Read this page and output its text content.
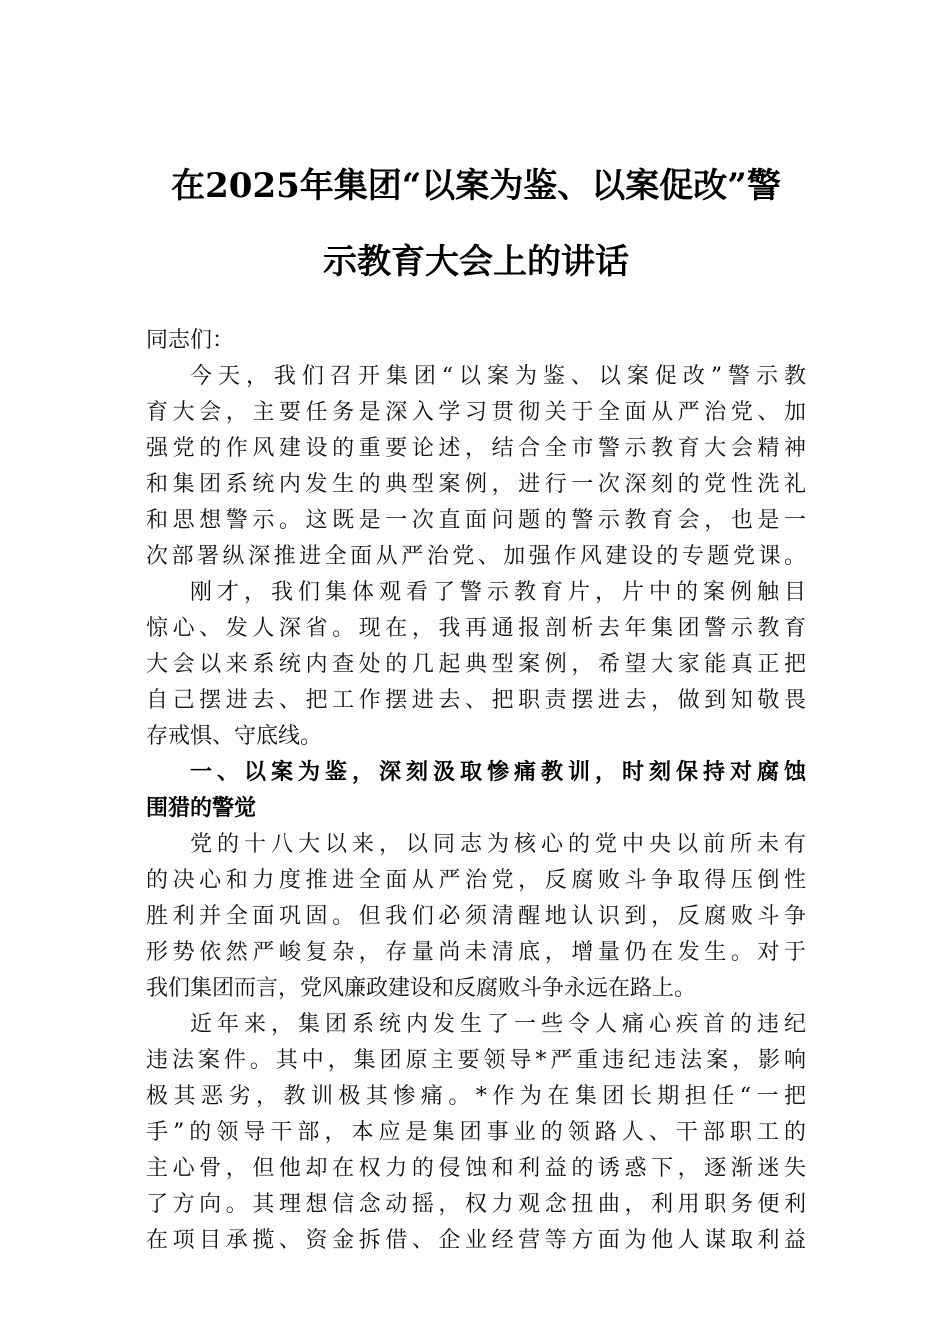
在2025年集团“以案为鉴、以案促改”警
示教育大会上的讲话
同志们：
今天，我们召开集团“以案为鉴、以案促改”警示教
育大会，主要任务是深入学习贯彻关于全面从严治党、加
强党的作风建设的重要论述，结合全市警示教育大会精神
和集团系统内发生的典型案例，进行一次深刻的党性洗礼
和思想警示。这既是一次直面问题的警示教育会，也是一
次部署纵深推进全面从严治党、加强作风建设的专题党课。
刚才，我们集体观看了警示教育片，片中的案例触目
惊心、发人深省。现在，我再通报剖析去年集团警示教育
大会以来系统内查处的几起典型案例，希望大家能真正把
自己摆进去、把工作摆进去、把职责摆进去，做到知敬畏
存戒惧、守底线。
一、以案为鉴，深刻汲取惨痛教训，时刻保持对腐蚀
围猎的警觉
党的十八大以来，以同志为核心的党中央以前所未有
的决心和力度推进全面从严治党，反腐败斗争取得压倒性
胜利并全面巩固。但我们必须清醒地认识到，反腐败斗争
形势依然严峻复杂，存量尚未清底，增量仍在发生。对于
我们集团而言，党风廉政建设和反腐败斗争永远在路上。
近年来，集团系统内发生了一些令人痛心疾首的违纪
违法案件。其中，集团原主要领导*严重违纪违法案，影响
极其恶劣，教训极其惨痛。*作为在集团长期担任“一把
手”的领导干部，本应是集团事业的领路人、干部职工的
主心骨，但他却在权力的侵蚀和利益的诱惑下，逐渐迷失
了方向。其理想信念动摇，权力观念扭曲，利用职务便利
在项目承揽、资金拆借、企业经营等方面为他人谋取利益
